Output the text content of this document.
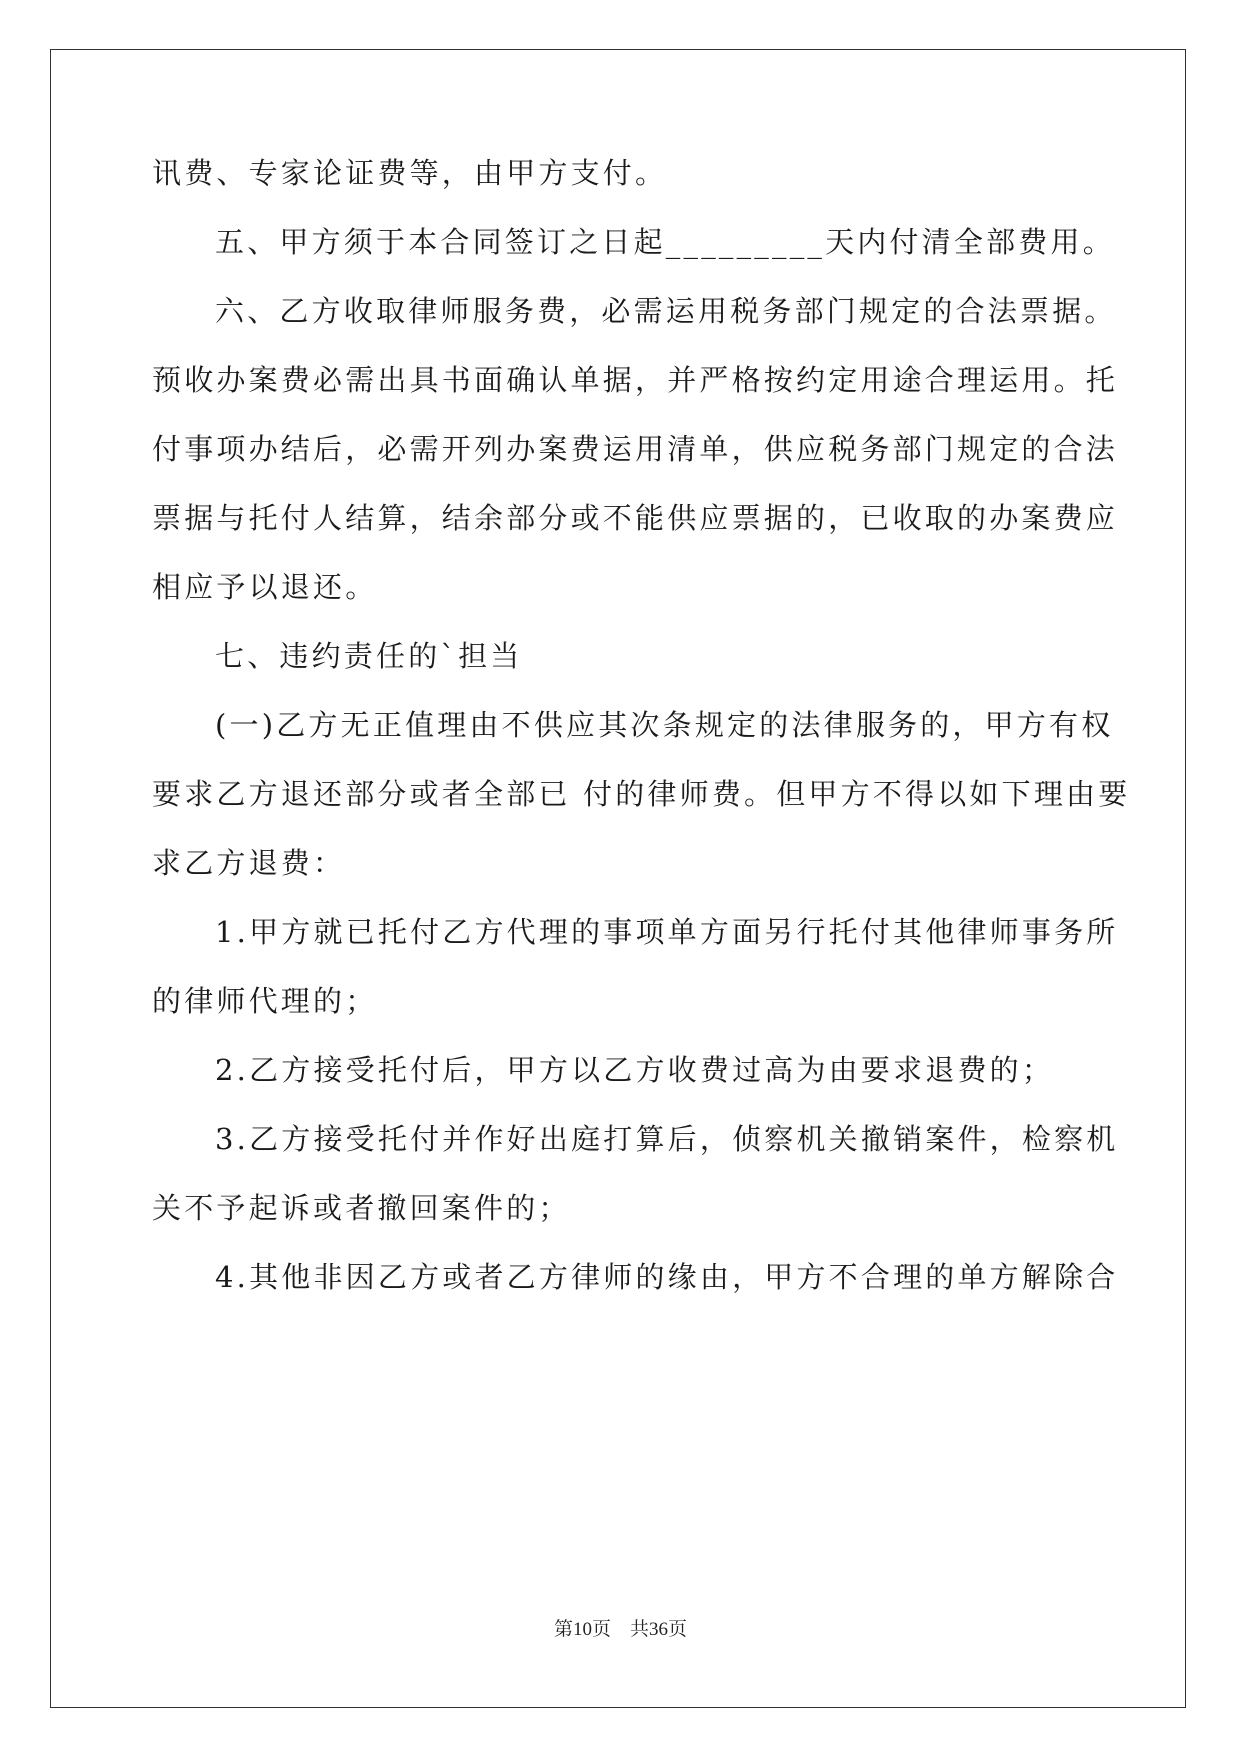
讯费、专家论证费等，由甲方支付。
五、甲方须于本合同签订之日起_________天内付清全部费用。
六、乙方收取律师服务费，必需运用税务部门规定的合法票据。
预收办案费必需出具书面确认单据，并严格按约定用途合理运用。托
付事项办结后，必需开列办案费运用清单，供应税务部门规定的合法
票据与托付人结算，结余部分或不能供应票据的，已收取的办案费应
相应予以退还。
七、违约责任的`担当
(一)乙方无正值理由不供应其次条规定的法律服务的，甲方有权
要求乙方退还部分或者全部已 付的律师费。但甲方不得以如下理由要
求乙方退费：
1.甲方就已托付乙方代理的事项单方面另行托付其他律师事务所
的律师代理的；
2.乙方接受托付后，甲方以乙方收费过高为由要求退费的；
3.乙方接受托付并作好出庭打算后，侦察机关撤销案件，检察机
关不予起诉或者撤回案件的；
4.其他非因乙方或者乙方律师的缘由，甲方不合理的单方解除合
第10页　共36页
